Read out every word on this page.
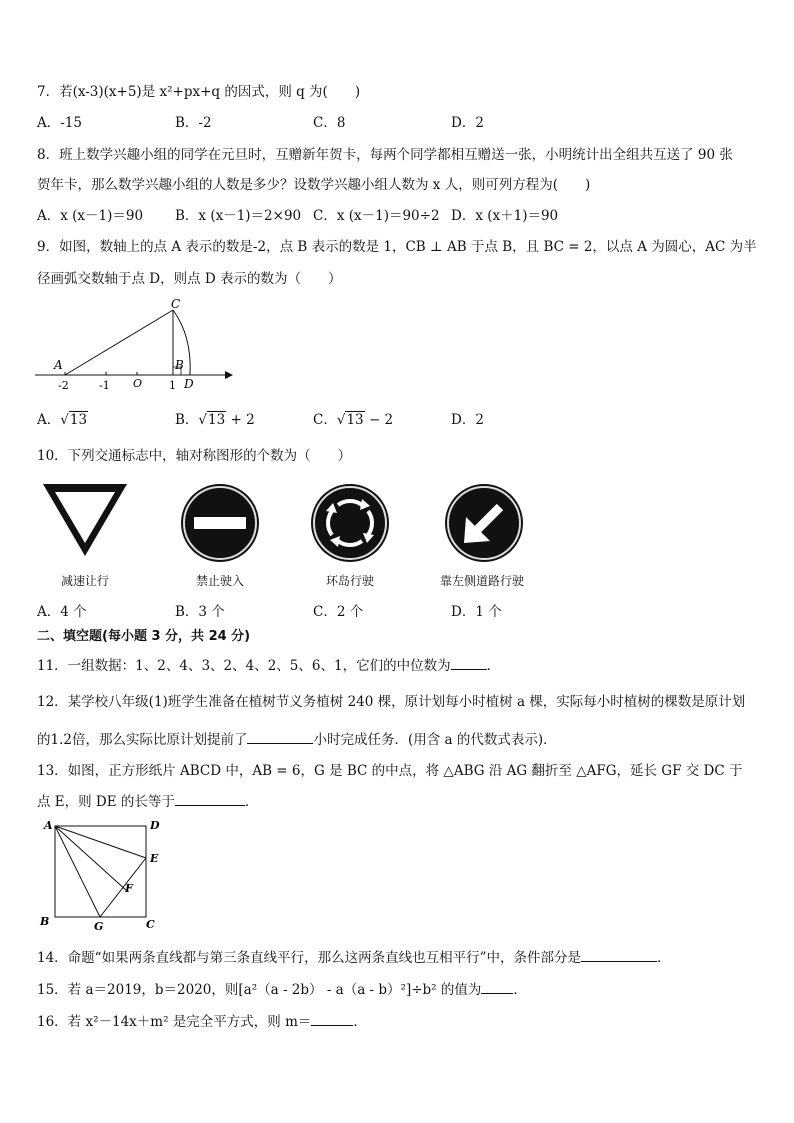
7．若(x-3)(x+5)是 x²+px+q 的因式，则 q 为(　　)
A．-15	B．-2	C．8	D．2
8．班上数学兴趣小组的同学在元旦时，互赠新年贺卡，每两个同学都相互赠送一张，小明统计出全组共互送了 90 张
贺年卡，那么数学兴趣小组的人数是多少？设数学兴趣小组人数为 x 人，则可列方程为(　　)
A．x (x－1)＝90 B．x (x－1)＝2×90 C．x (x－1)＝90÷2 D．x (x＋1)＝90
9．如图，数轴上的点 A 表示的数是-2，点 B 表示的数是 1，CB ⊥ AB 于点 B，且 BC = 2，以点 A 为圆心，AC 为半
径画弧交数轴于点 D，则点 D 表示的数为（　　）
C
A	B
D
-2	-1 O 1
A．√13	B．√13 + 2	C．√13 − 2	D．2
10．下列交通标志中，轴对称图形的个数为（　　）
减速让行	禁止驶入	环岛行驶	靠左侧道路行驶
A．4 个	B．3 个	C．2 个	D．1 个
二、填空题(每小题 3 分，共 24 分)
11．一组数据：1、2、4、3、2、4、2、5、6、1，它们的中位数为	．
12．某学校八年级(1)班学生准备在植树节义务植树 240 棵，原计划每小时植树 a 棵，实际每小时植树的棵数是原计划
的1.2倍，那么实际比原计划提前了	小时完成任务．(用含 a 的代数式表示)．
13．如图，正方形纸片 ABCD 中，AB = 6，G 是 BC 的中点，将 △ABG 沿 AG 翻折至 △AFG，延长 GF 交 DC 于
点 E，则 DE 的长等于	．
A	D
E
F
B	G	C
14．命题“如果两条直线都与第三条直线平行，那么这两条直线也互相平行”中，条件部分是	．
15．若 a＝2019，b＝2020，则[a²（a - 2b） - a（a - b）²]÷b² 的值为 ．
16．若 x²－14x＋m² 是完全平方式，则 m＝	．
